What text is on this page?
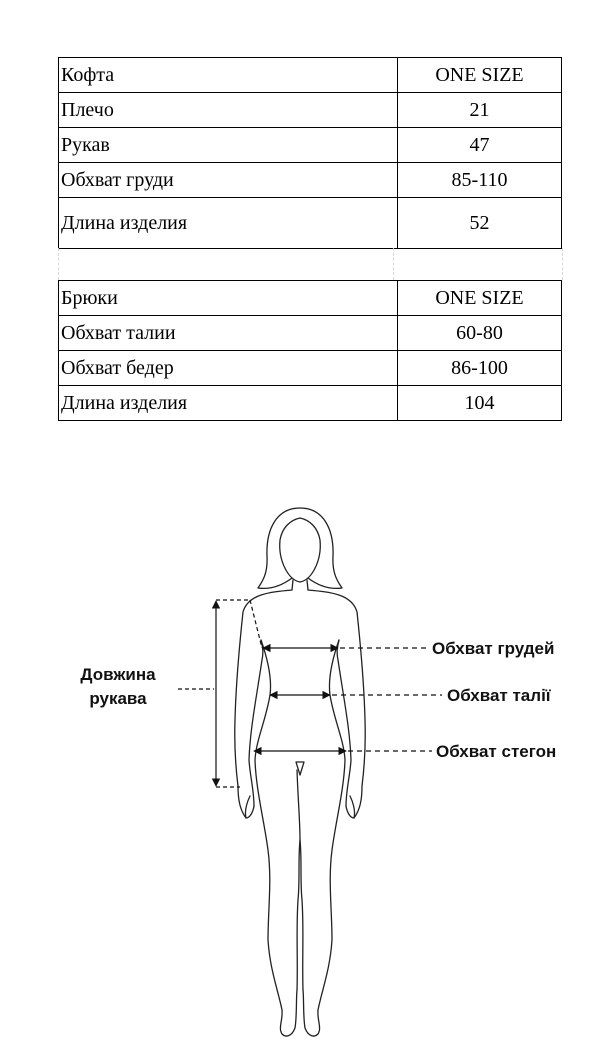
Кофта	ONE SIZE
Плечо	21
Рукав	47
Обхват груди	85-110
Длина изделия	52
Брюки	ONE SIZE
Обхват талии	60-80
Обхват бедер	86-100
Длина изделия	104
Довжина
рукава
Обхват грудей
Обхват талії
Обхват стегон
